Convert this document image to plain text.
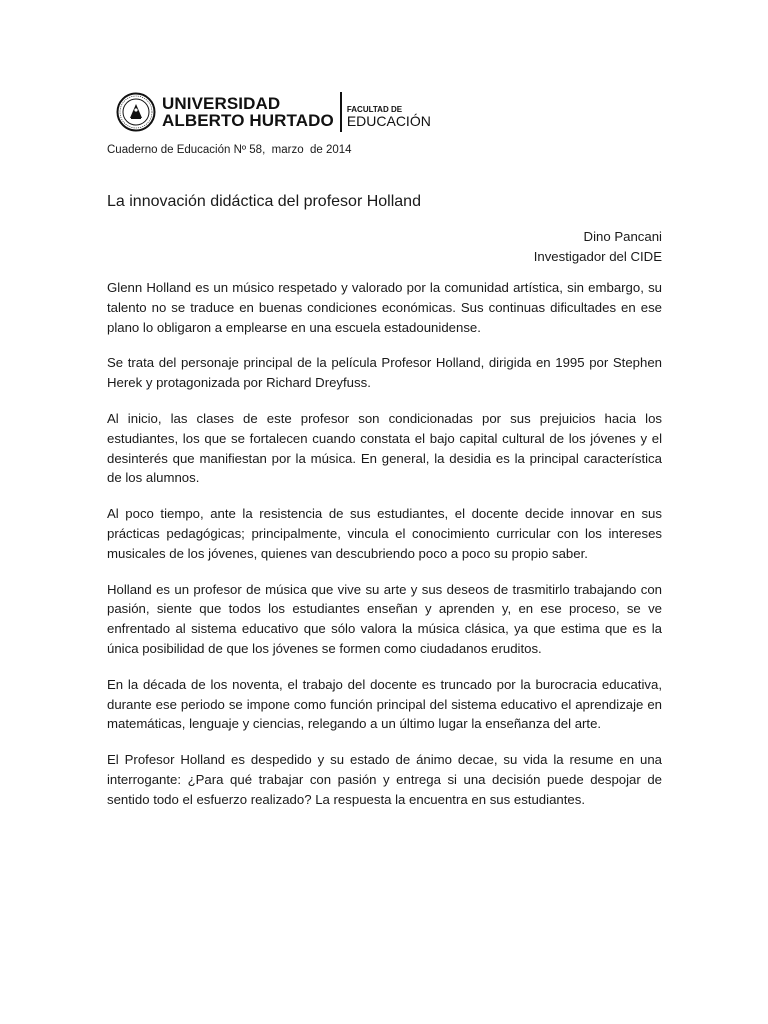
UNIVERSIDAD
ALBERTO HURTADO
FACULTAD DE
EDUCACIÓN
Cuaderno de Educación Nº 58,  marzo  de 2014
La innovación didáctica del profesor Holland
Dino Pancani
Investigador del CIDE

Glenn Holland es un músico respetado y valorado por la comunidad artística, sin embargo, su talento no se traduce en buenas condiciones económicas. Sus continuas dificultades en ese plano lo obligaron a emplearse en una escuela estadounidense.

Se trata del personaje principal de la película Profesor Holland, dirigida en 1995 por Stephen Herek y protagonizada por Richard Dreyfuss.

Al inicio, las clases de este profesor son condicionadas por sus prejuicios hacia los estudiantes, los que se fortalecen cuando constata el bajo capital cultural de los jóvenes y el desinterés que manifiestan por la música. En general, la desidia es la principal característica de los alumnos.

Al poco tiempo, ante la resistencia de sus estudiantes, el docente decide innovar en sus prácticas pedagógicas; principalmente, vincula el conocimiento curricular con los intereses musicales de los jóvenes, quienes van descubriendo poco a poco su propio saber.

Holland es un profesor de música que vive su arte y sus deseos de trasmitirlo trabajando con pasión, siente que todos los estudiantes enseñan y aprenden y, en ese proceso, se ve enfrentado al sistema educativo que sólo valora la música clásica, ya que estima que es la única posibilidad de que los jóvenes se formen como ciudadanos eruditos.

En la década de los noventa, el trabajo del docente es truncado por la burocracia educativa, durante ese periodo se impone como función principal del sistema educativo el aprendizaje en matemáticas, lenguaje y ciencias, relegando a un último lugar la enseñanza del arte.

El Profesor Holland es despedido y su estado de ánimo decae, su vida la resume en una interrogante: ¿Para qué trabajar con pasión y entrega si una decisión puede despojar de sentido todo el esfuerzo realizado? La respuesta la encuentra en sus estudiantes.
